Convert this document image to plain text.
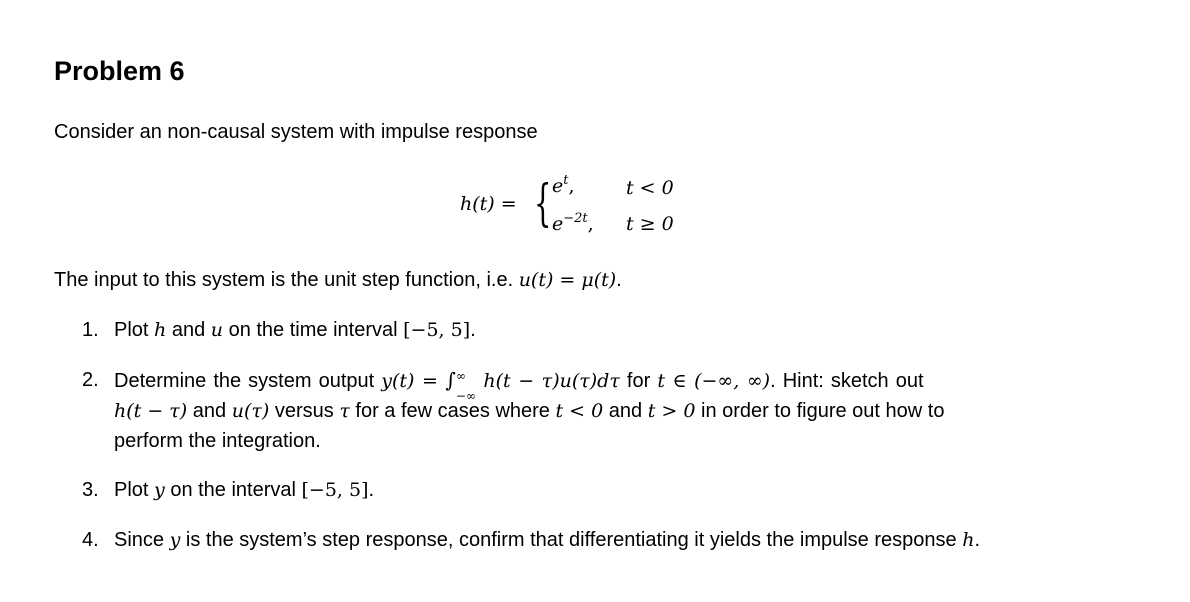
Problem 6
Consider an non-causal system with impulse response
h(t) = { $e^t$,	t < 0
$e^{-2t}$, t ≥ 0
The input to this system is the unit step function, i.e. u(t) = μ(t).
1. Plot h and u on the time interval [−5, 5].
2. Determine the system output y(t) = ∫ ∞
−∞
h(t − τ)u(τ)dτ for t ∈ (−∞, ∞). Hint: sketch out
h(t − τ) and u(τ) versus τ for a few cases where t < 0 and t > 0 in order to figure out how to
perform the integration.
3. Plot y on the interval [−5, 5].
4. Since y is the system’s step response, confirm that differentiating it yields the impulse response h.
